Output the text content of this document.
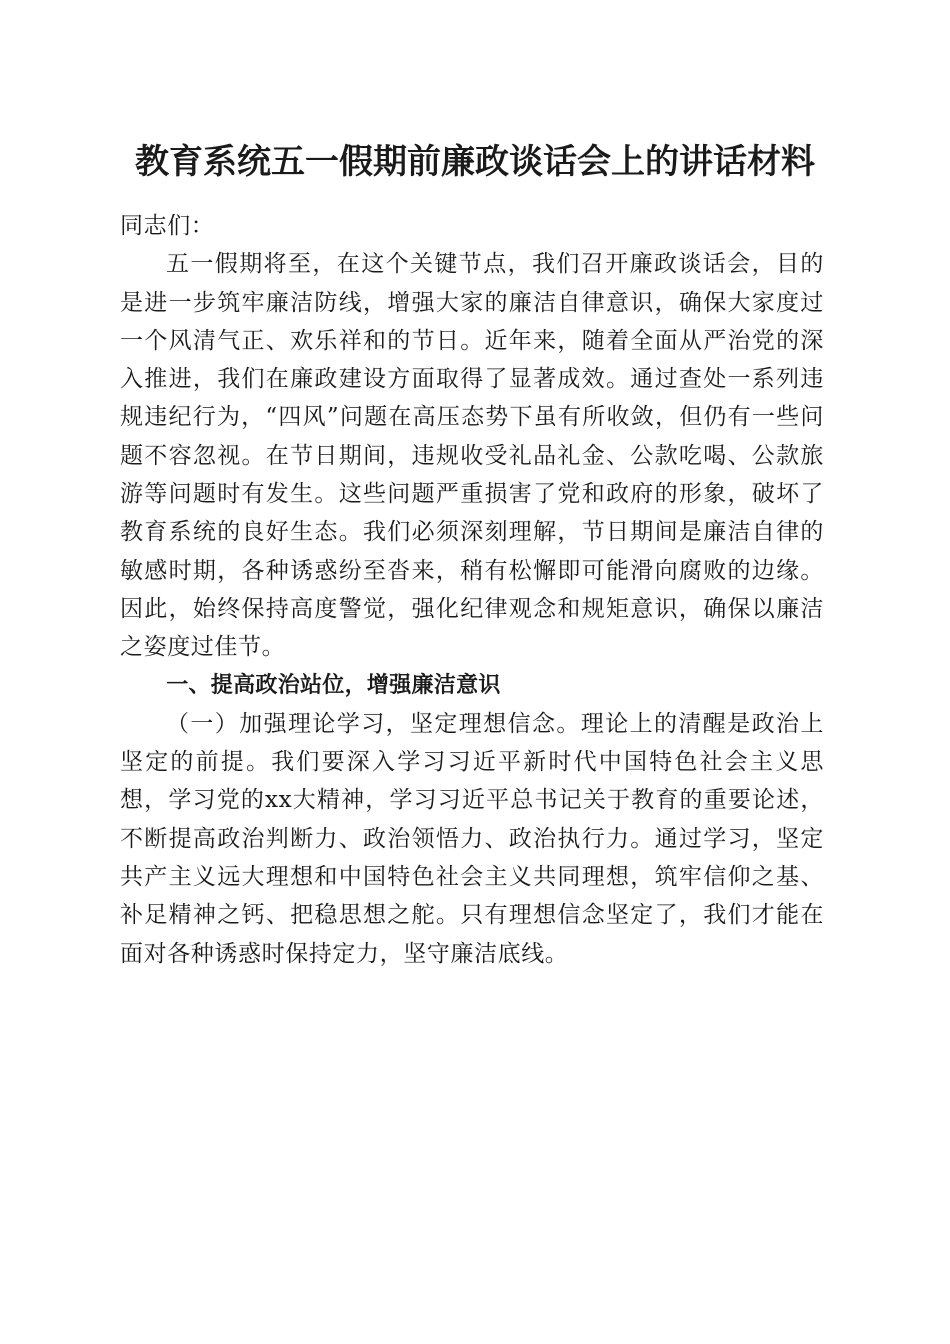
教育系统五一假期前廉政谈话会上的讲话材料

同志们：

五一假期将至，在这个关键节点，我们召开廉政谈话会，目的是进一步筑牢廉洁防线，增强大家的廉洁自律意识，确保大家度过一个风清气正、欢乐祥和的节日。近年来，随着全面从严治党的深入推进，我们在廉政建设方面取得了显著成效。通过查处一系列违规违纪行为，“四风”问题在高压态势下虽有所收敛，但仍有一些问题不容忽视。在节日期间，违规收受礼品礼金、公款吃喝、公款旅游等问题时有发生。这些问题严重损害了党和政府的形象，破坏了教育系统的良好生态。我们必须深刻理解，节日期间是廉洁自律的敏感时期，各种诱惑纷至沓来，稍有松懈即可能滑向腐败的边缘。因此，始终保持高度警觉，强化纪律观念和规矩意识，确保以廉洁之姿度过佳节。

一、提高政治站位，增强廉洁意识

（一）加强理论学习，坚定理想信念。理论上的清醒是政治上坚定的前提。我们要深入学习习近平新时代中国特色社会主义思想，学习党的xx大精神，学习习近平总书记关于教育的重要论述，不断提高政治判断力、政治领悟力、政治执行力。通过学习，坚定共产主义远大理想和中国特色社会主义共同理想，筑牢信仰之基、补足精神之钙、把稳思想之舵。只有理想信念坚定了，我们才能在面对各种诱惑时保持定力，坚守廉洁底线。
